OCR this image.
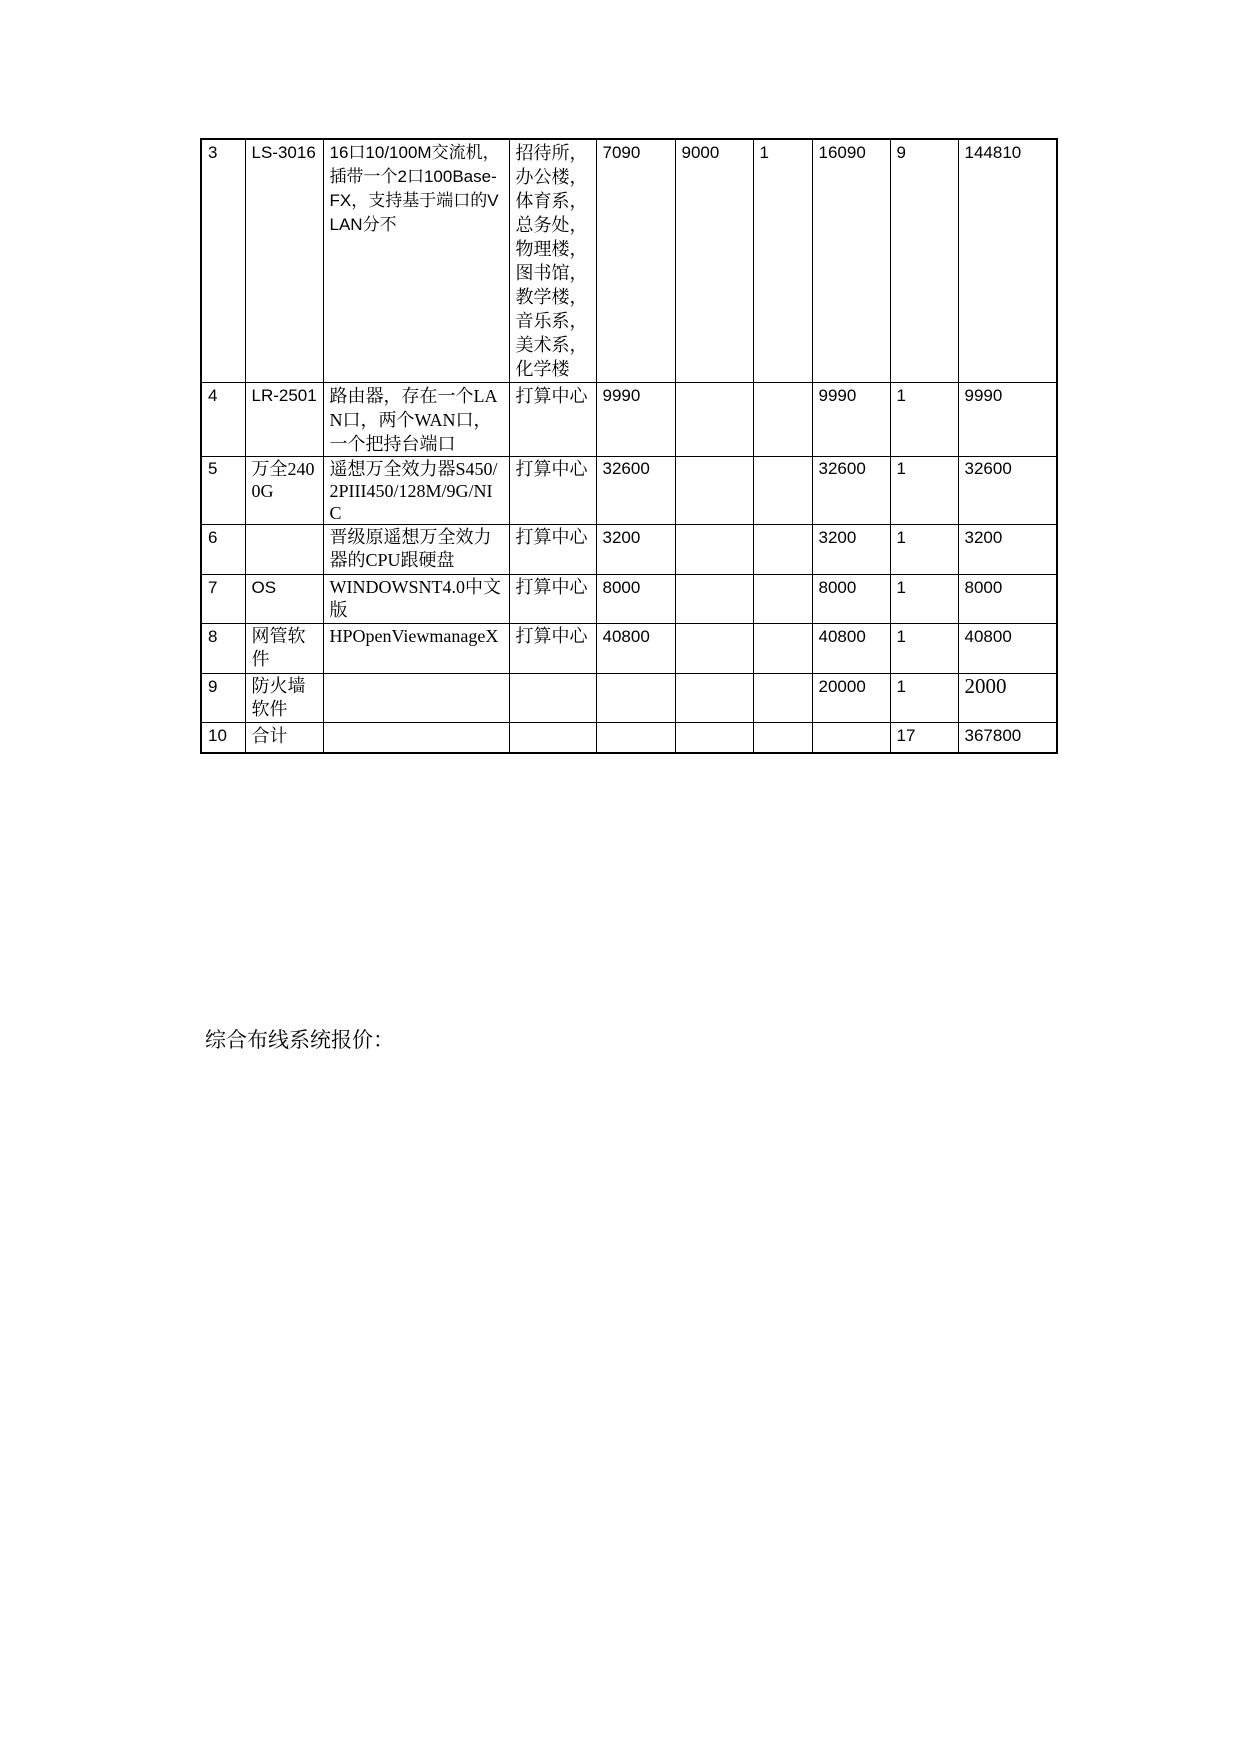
3	LS-3016	16口10/100M交流机，插带一个2口100Base-FX，支持基于端口的VLAN分不	招待所，办公楼，体育系，总务处，物理楼，图书馆，教学楼，音乐系，美术系，化学楼	7090	9000	1	16090	9	144810
4	LR-2501	路由器，存在一个LAN口，两个WAN口，一个把持台端口	打算中心	9990			9990	1	9990
5	万全2400G	遥想万全效力器S450/2PIII450/128M/9G/NIC	打算中心	32600			32600	1	32600
6		晋级原遥想万全效力器的CPU跟硬盘	打算中心	3200			3200	1	3200
7	OS	WINDOWSNT4.0中文版	打算中心	8000			8000	1	8000
8	网管软件	HPOpenViewmanageX	打算中心	40800			40800	1	40800
9	防火墙软件						20000	1	2000
10	合计							17	367800
综合布线系统报价：
